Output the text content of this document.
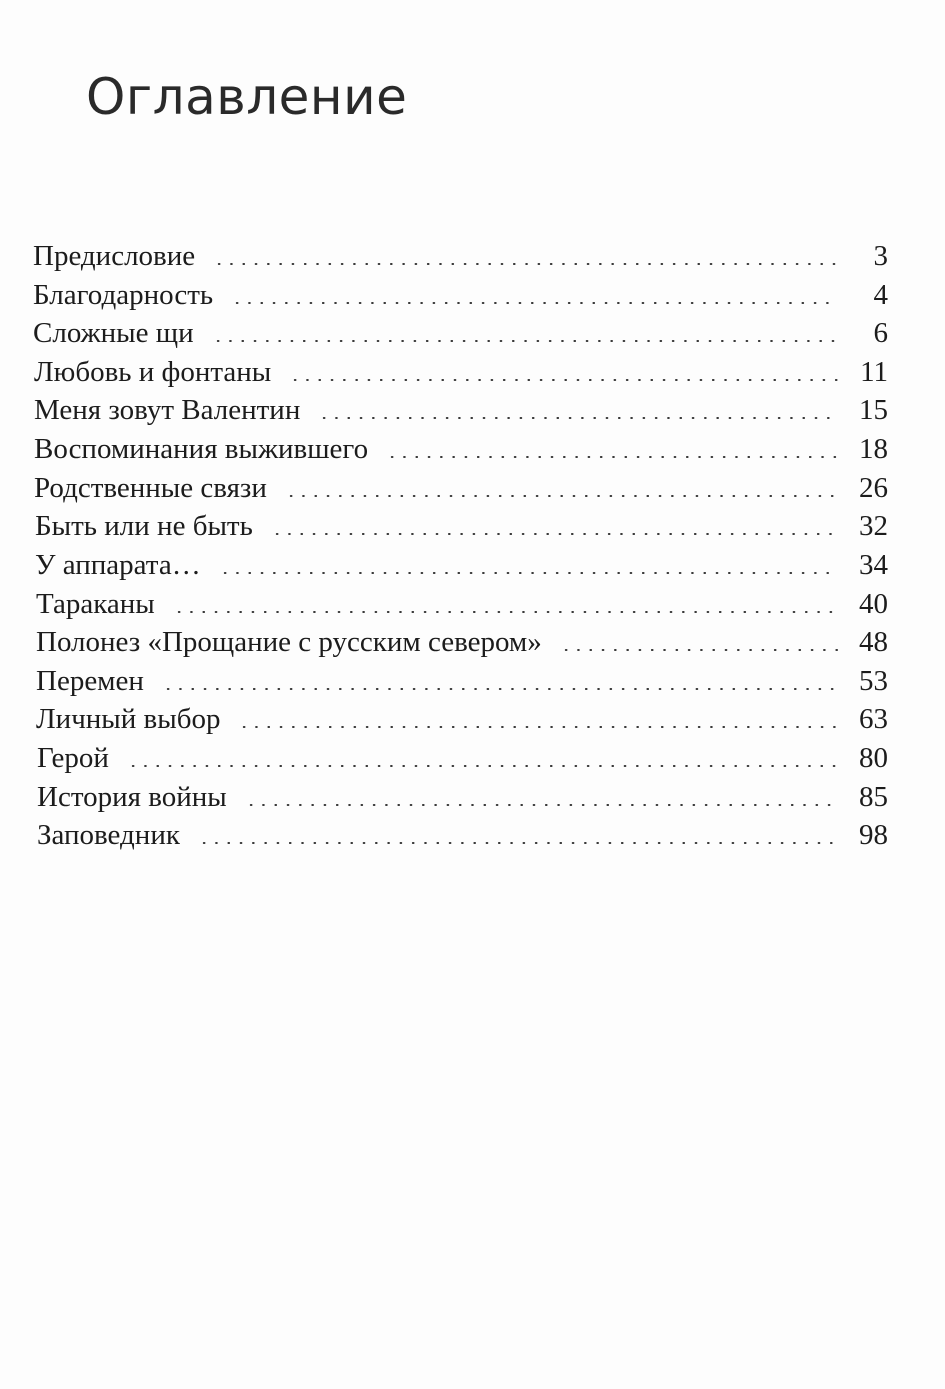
Оглавление
Предисловие	3
Благодарность	4
Сложные щи	6
Любовь и фонтаны	11
Меня зовут Валентин	15
Воспоминания выжившего	18
Родственные связи	26
Быть или не быть	32
У аппарата…	34
Тараканы	40
Полонез «Прощание с русским севером»	48
Перемен	53
Личный выбор	63
Герой	80
История войны	85
Заповедник	98
